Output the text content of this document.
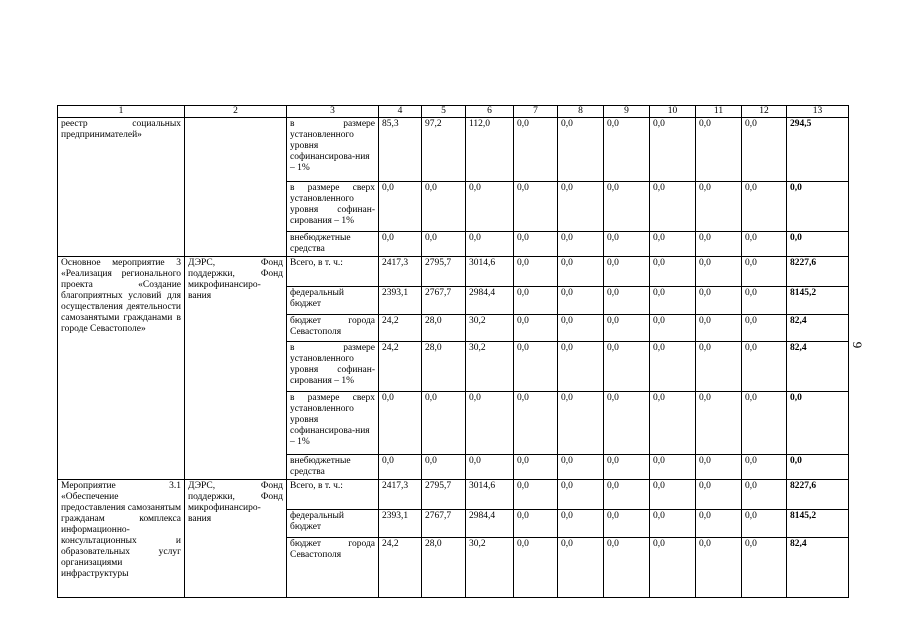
1	2	3	4	5	6	7	8	9	10	11	12	13
реестр социальных предпринимателей»		в размере установленного уровня софинансирова-ния – 1%	85,3	97,2	112,0	0,0	0,0	0,0	0,0	0,0	0,0	294,5
		в размере сверх установленного уровня софинан-сирования – 1%	0,0	0,0	0,0	0,0	0,0	0,0	0,0	0,0	0,0	0,0
		внебюджетные средства	0,0	0,0	0,0	0,0	0,0	0,0	0,0	0,0	0,0	0,0
Основное мероприятие 3 «Реализация регионального проекта «Создание благоприятных условий для осуществления деятельности самозанятыми гражданами в городе Севастополе»	ДЭРС, Фонд поддержки, Фонд микрофинансиро-вания	Всего, в т. ч.:	2417,3	2795,7	3014,6	0,0	0,0	0,0	0,0	0,0	0,0	8227,6
		федеральный бюджет	2393,1	2767,7	2984,4	0,0	0,0	0,0	0,0	0,0	0,0	8145,2
		бюджет города Севастополя	24,2	28,0	30,2	0,0	0,0	0,0	0,0	0,0	0,0	82,4
		в размере установленного уровня софинан-сирования – 1%	24,2	28,0	30,2	0,0	0,0	0,0	0,0	0,0	0,0	82,4
		в размере сверх установленного уровня софинансирова-ния – 1%	0,0	0,0	0,0	0,0	0,0	0,0	0,0	0,0	0,0	0,0
		внебюджетные средства	0,0	0,0	0,0	0,0	0,0	0,0	0,0	0,0	0,0	0,0
Мероприятие 3.1 «Обеспечение предоставления самозанятым гражданам комплекса информационно-консультационных и образовательных услуг организациями инфраструктуры	ДЭРС, Фонд поддержки, Фонд микрофинансиро-вания	Всего, в т. ч.:	2417,3	2795,7	3014,6	0,0	0,0	0,0	0,0	0,0	0,0	8227,6
		федеральный бюджет	2393,1	2767,7	2984,4	0,0	0,0	0,0	0,0	0,0	0,0	8145,2
		бюджет города Севастополя	24,2	28,0	30,2	0,0	0,0	0,0	0,0	0,0	0,0	82,4
9
